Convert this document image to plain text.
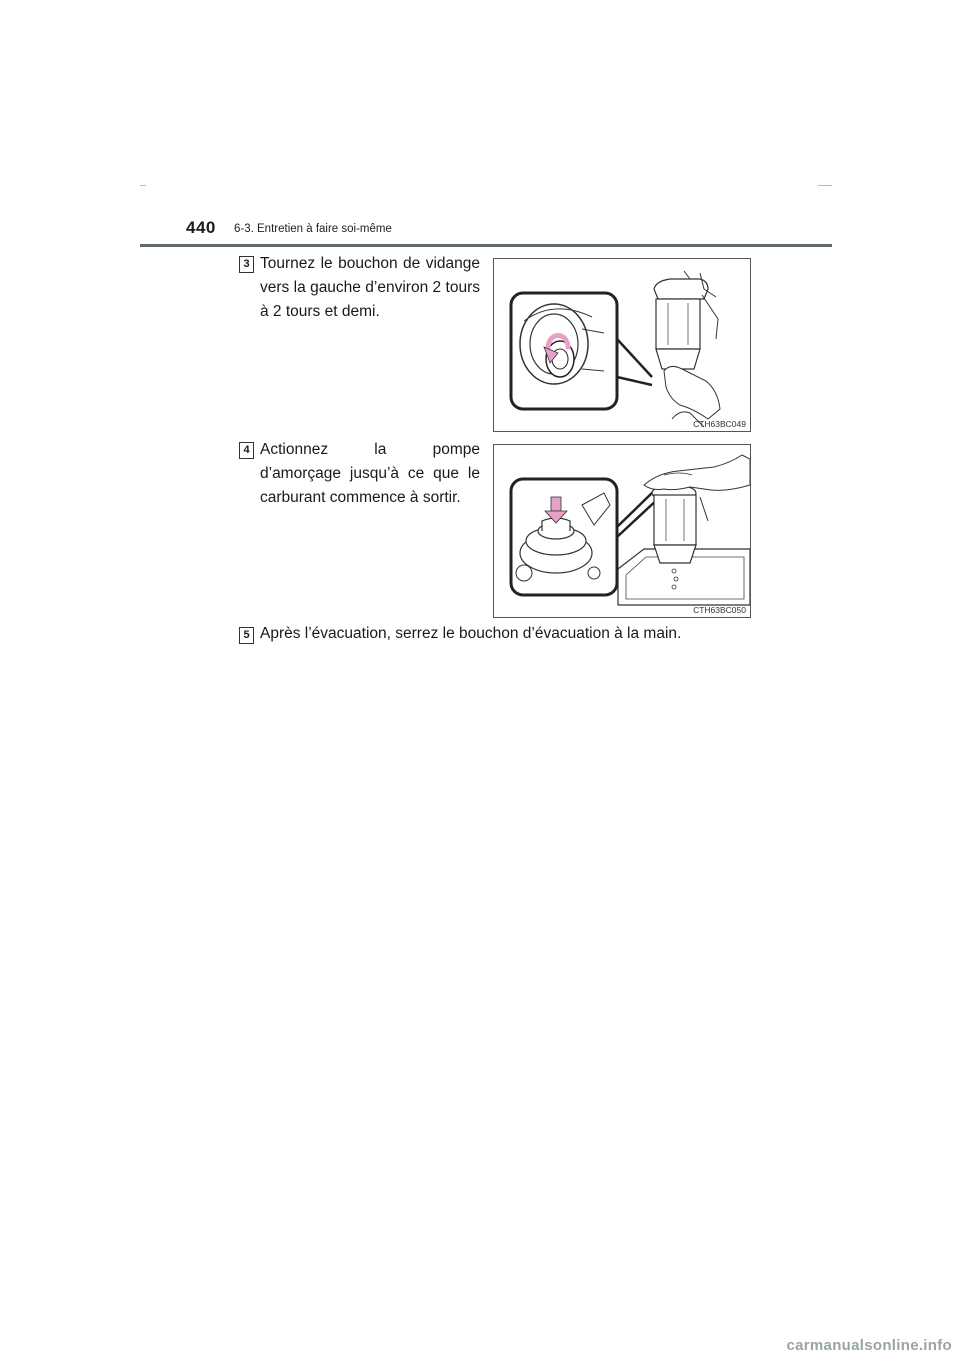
440 6-3. Entretien à faire soi-même
3 Tournez le bouchon de vidange vers la gauche d’environ 2 tours à 2 tours et demi.
CTH63BC049
4 Actionnez la pompe d’amorçage jusqu’à ce que le carburant commence à sortir.
CTH63BC050
5 Après l’évacuation, serrez le bouchon d’évacuation à la main.
carmanualsonline.info
